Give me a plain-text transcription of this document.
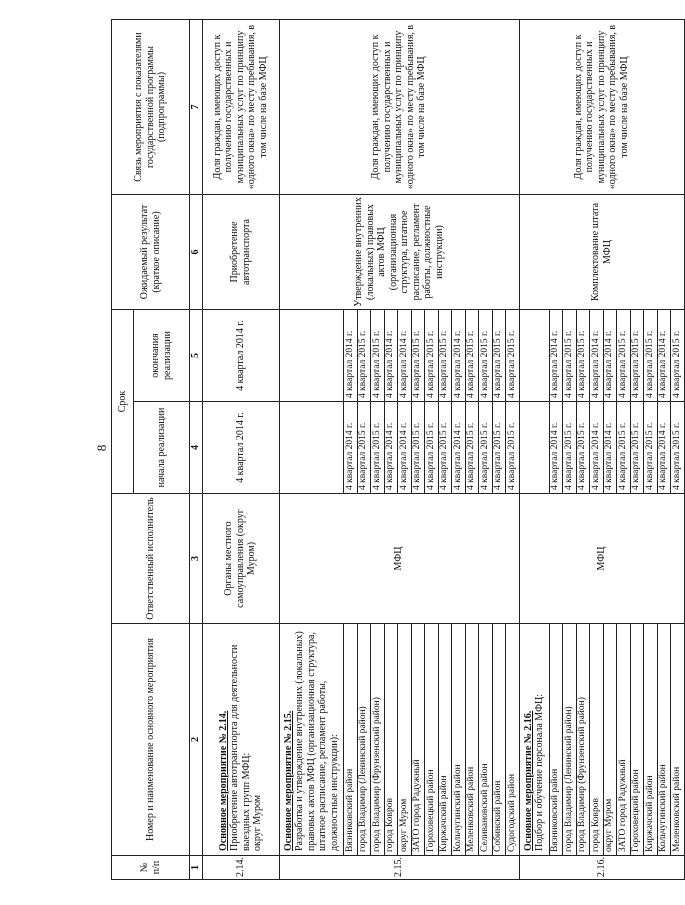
8
№ п/п	Номер и наименование основного мероприятия	Ответственный исполнитель	Срок		Ожидаемый результат (краткое описание)	Связь мероприятия с показателями государственной программы (подпрограммы)
			начала реализации	окончания реализации		
1	2	3	4	5	6	7
2.14.	Основное мероприятие № 2.14. Приобретение автотранспорта для деятельности выездных групп МФЦ: округ Муром	Органы местного самоуправления (округ Муром)	4 квартал 2014 г.	4 квартал 2014 г.	Приобретение автотранспорта	Доля граждан, имеющих доступ к получению государственных и муниципальных услуг по принципу «одного окна» по месту пребывания, в том числе на базе МФЦ
2.15.	Основное мероприятие № 2.15. Разработка и утверждение внутренних (локальных) правовых актов МФЦ (организационная структура, штатное расписание, регламент работы, должностные инструкции):	МФЦ			Утверждение внутренних (локальных) правовых актов МФЦ (организационная структура, штатное расписание, регламент работы, должностные инструкции)	Доля граждан, имеющих доступ к получению государственных и муниципальных услуг по принципу «одного окна» по месту пребывания, в том числе на базе МФЦ
	Вязниковский район		4 квартал 2014 г.	4 квартал 2014 г.		
	город Владимир (Ленинский район)		4 квартал 2015 г.	4 квартал 2015 г.		
	город Владимир (Фрунзенский район)		4 квартал 2015 г.	4 квартал 2015 г.		
	город Ковров		4 квартал 2014 г.	4 квартал 2014 г.		
	округ Муром		4 квартал 2014 г.	4 квартал 2014 г.		
	ЗАТО город Радужный		4 квартал 2015 г.	4 квартал 2015 г.		
	Гороховецкий район		4 квартал 2015 г.	4 квартал 2015 г.		
	Киржачский район		4 квартал 2015 г.	4 квартал 2015 г.		
	Кольчугинский район		4 квартал 2014 г.	4 квартал 2014 г.		
	Меленковский район		4 квартал 2015 г.	4 квартал 2015 г.		
	Селивановский район		4 квартал 2015 г.	4 квартал 2015 г.		
	Собинский район		4 квартал 2015 г.	4 квартал 2015 г.		
	Судогодский район		4 квартал 2015 г.	4 квартал 2015 г.		
2.16.	Основное мероприятие № 2.16. Подбор и обучение персонала МФЦ:	МФЦ			Комплектование штата МФЦ	Доля граждан, имеющих доступ к получению государственных и муниципальных услуг по принципу «одного окна» по месту пребывания, в том числе на базе МФЦ
	Вязниковский район		4 квартал 2014 г.	4 квартал 2014 г.		
	город Владимир (Ленинский район)		4 квартал 2015 г.	4 квартал 2015 г.		
	город Владимир (Фрунзенский район)		4 квартал 2015 г.	4 квартал 2015 г.		
	город Ковров		4 квартал 2014 г.	4 квартал 2014 г.		
	округ Муром		4 квартал 2014 г.	4 квартал 2014 г.		
	ЗАТО город Радужный		4 квартал 2015 г.	4 квартал 2015 г.		
	Гороховецкий район		4 квартал 2015 г.	4 квартал 2015 г.		
	Киржачский район		4 квартал 2015 г.	4 квартал 2015 г.		
	Кольчугинский район		4 квартал 2014 г.	4 квартал 2014 г.		
	Меленковский район		4 квартал 2015 г.	4 квартал 2015 г.		
